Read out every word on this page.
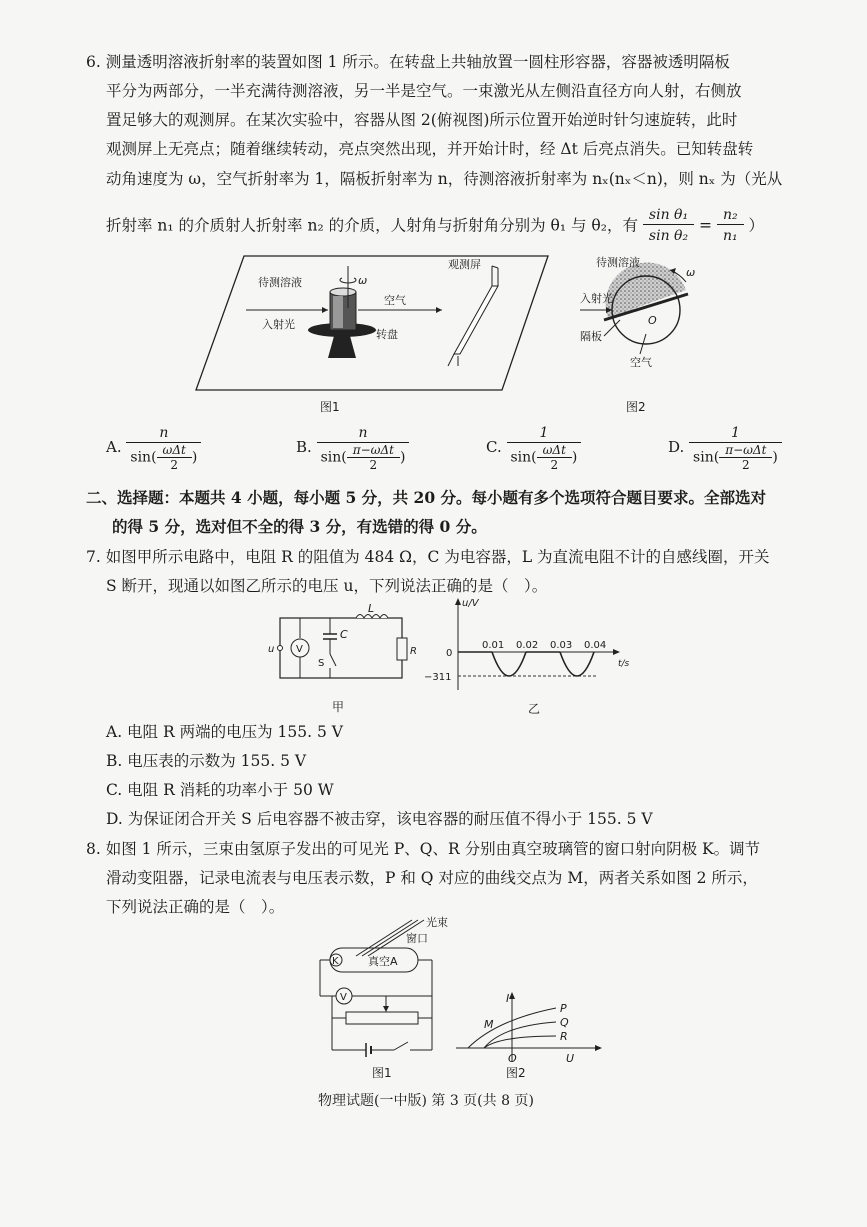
6. 测量透明溶液折射率的装置如图 1 所示。在转盘上共轴放置一圆柱形容器，容器被透明隔板
平分为两部分，一半充满待测溶液，另一半是空气。一束激光从左侧沿直径方向人射，右侧放
置足够大的观测屏。在某次实验中，容器从图 2(俯视图)所示位置开始逆时针匀速旋转，此时
观测屏上无亮点；随着继续转动，亮点突然出现，并开始计时，经 Δt 后亮点消失。已知转盘转
动角速度为 ω，空气折射率为 1，隔板折射率为 n，待测溶液折射率为 nₓ(nₓ＜n)，则 nₓ 为（光从
折射率 n₁ 的介质射人折射率 n₂ 的介质，人射角与折射角分别为 θ₁ 与 θ₂，有 $\frac{\text{sin θ₁}}{\text{sin θ₂}} = \frac{\text{n₂}}{\text{n₁}}$ ）
待测溶液	ω
空气
观测屏
入射光
转盘
图1
待测溶液
ω
入射光
O
隔板
空气
图2
A. $\frac{n}{\sin( \frac{\text{ωΔt}}{2} )}$	B. $\frac{n}{\sin( \frac{\text{π−ωΔt}}{2} )}$	C. $\frac{1}{\sin( \frac{\text{ωΔt}}{2} )}$	D. $\frac{1}{\sin( \frac{\text{π−ωΔt}}{2} )}$
二、选择题：本题共 4 小题，每小题 5 分，共 20 分。每小题有多个选项符合题目要求。全部选对
的得 5 分，选对但不全的得 3 分，有选错的得 0 分。
7. 如图甲所示电路中，电阻 R 的阻值为 484 Ω，C 为电容器，L 为直流电阻不计的自感线圈，开关
S 断开，现通以如图乙所示的电压 u，下列说法正确的是（　）。
u V
C
L
S
R
甲
u/V
t/s
0
−311
0.01 0.02 0.03 0.04
乙
A. 电阻 R 两端的电压为 155. 5 V
B. 电压表的示数为 155. 5 V
C. 电阻 R 消耗的功率小于 50 W
D. 为保证闭合开关 S 后电容器不被击穿，该电容器的耐压值不得小于 155. 5 V
8. 如图 1 所示，三束由氢原子发出的可见光 P、Q、R 分别由真空玻璃管的窗口射向阴极 K。调节
滑动变阻器，记录电流表与电压表示数，P 和 Q 对应的曲线交点为 M，两者关系如图 2 所示，
下列说法正确的是（　）。
光束
窗口
K	真空A
V
图1
I
P
Q
R
M
O	U
图2
物理试题(一中版) 第 3 页(共 8 页)
